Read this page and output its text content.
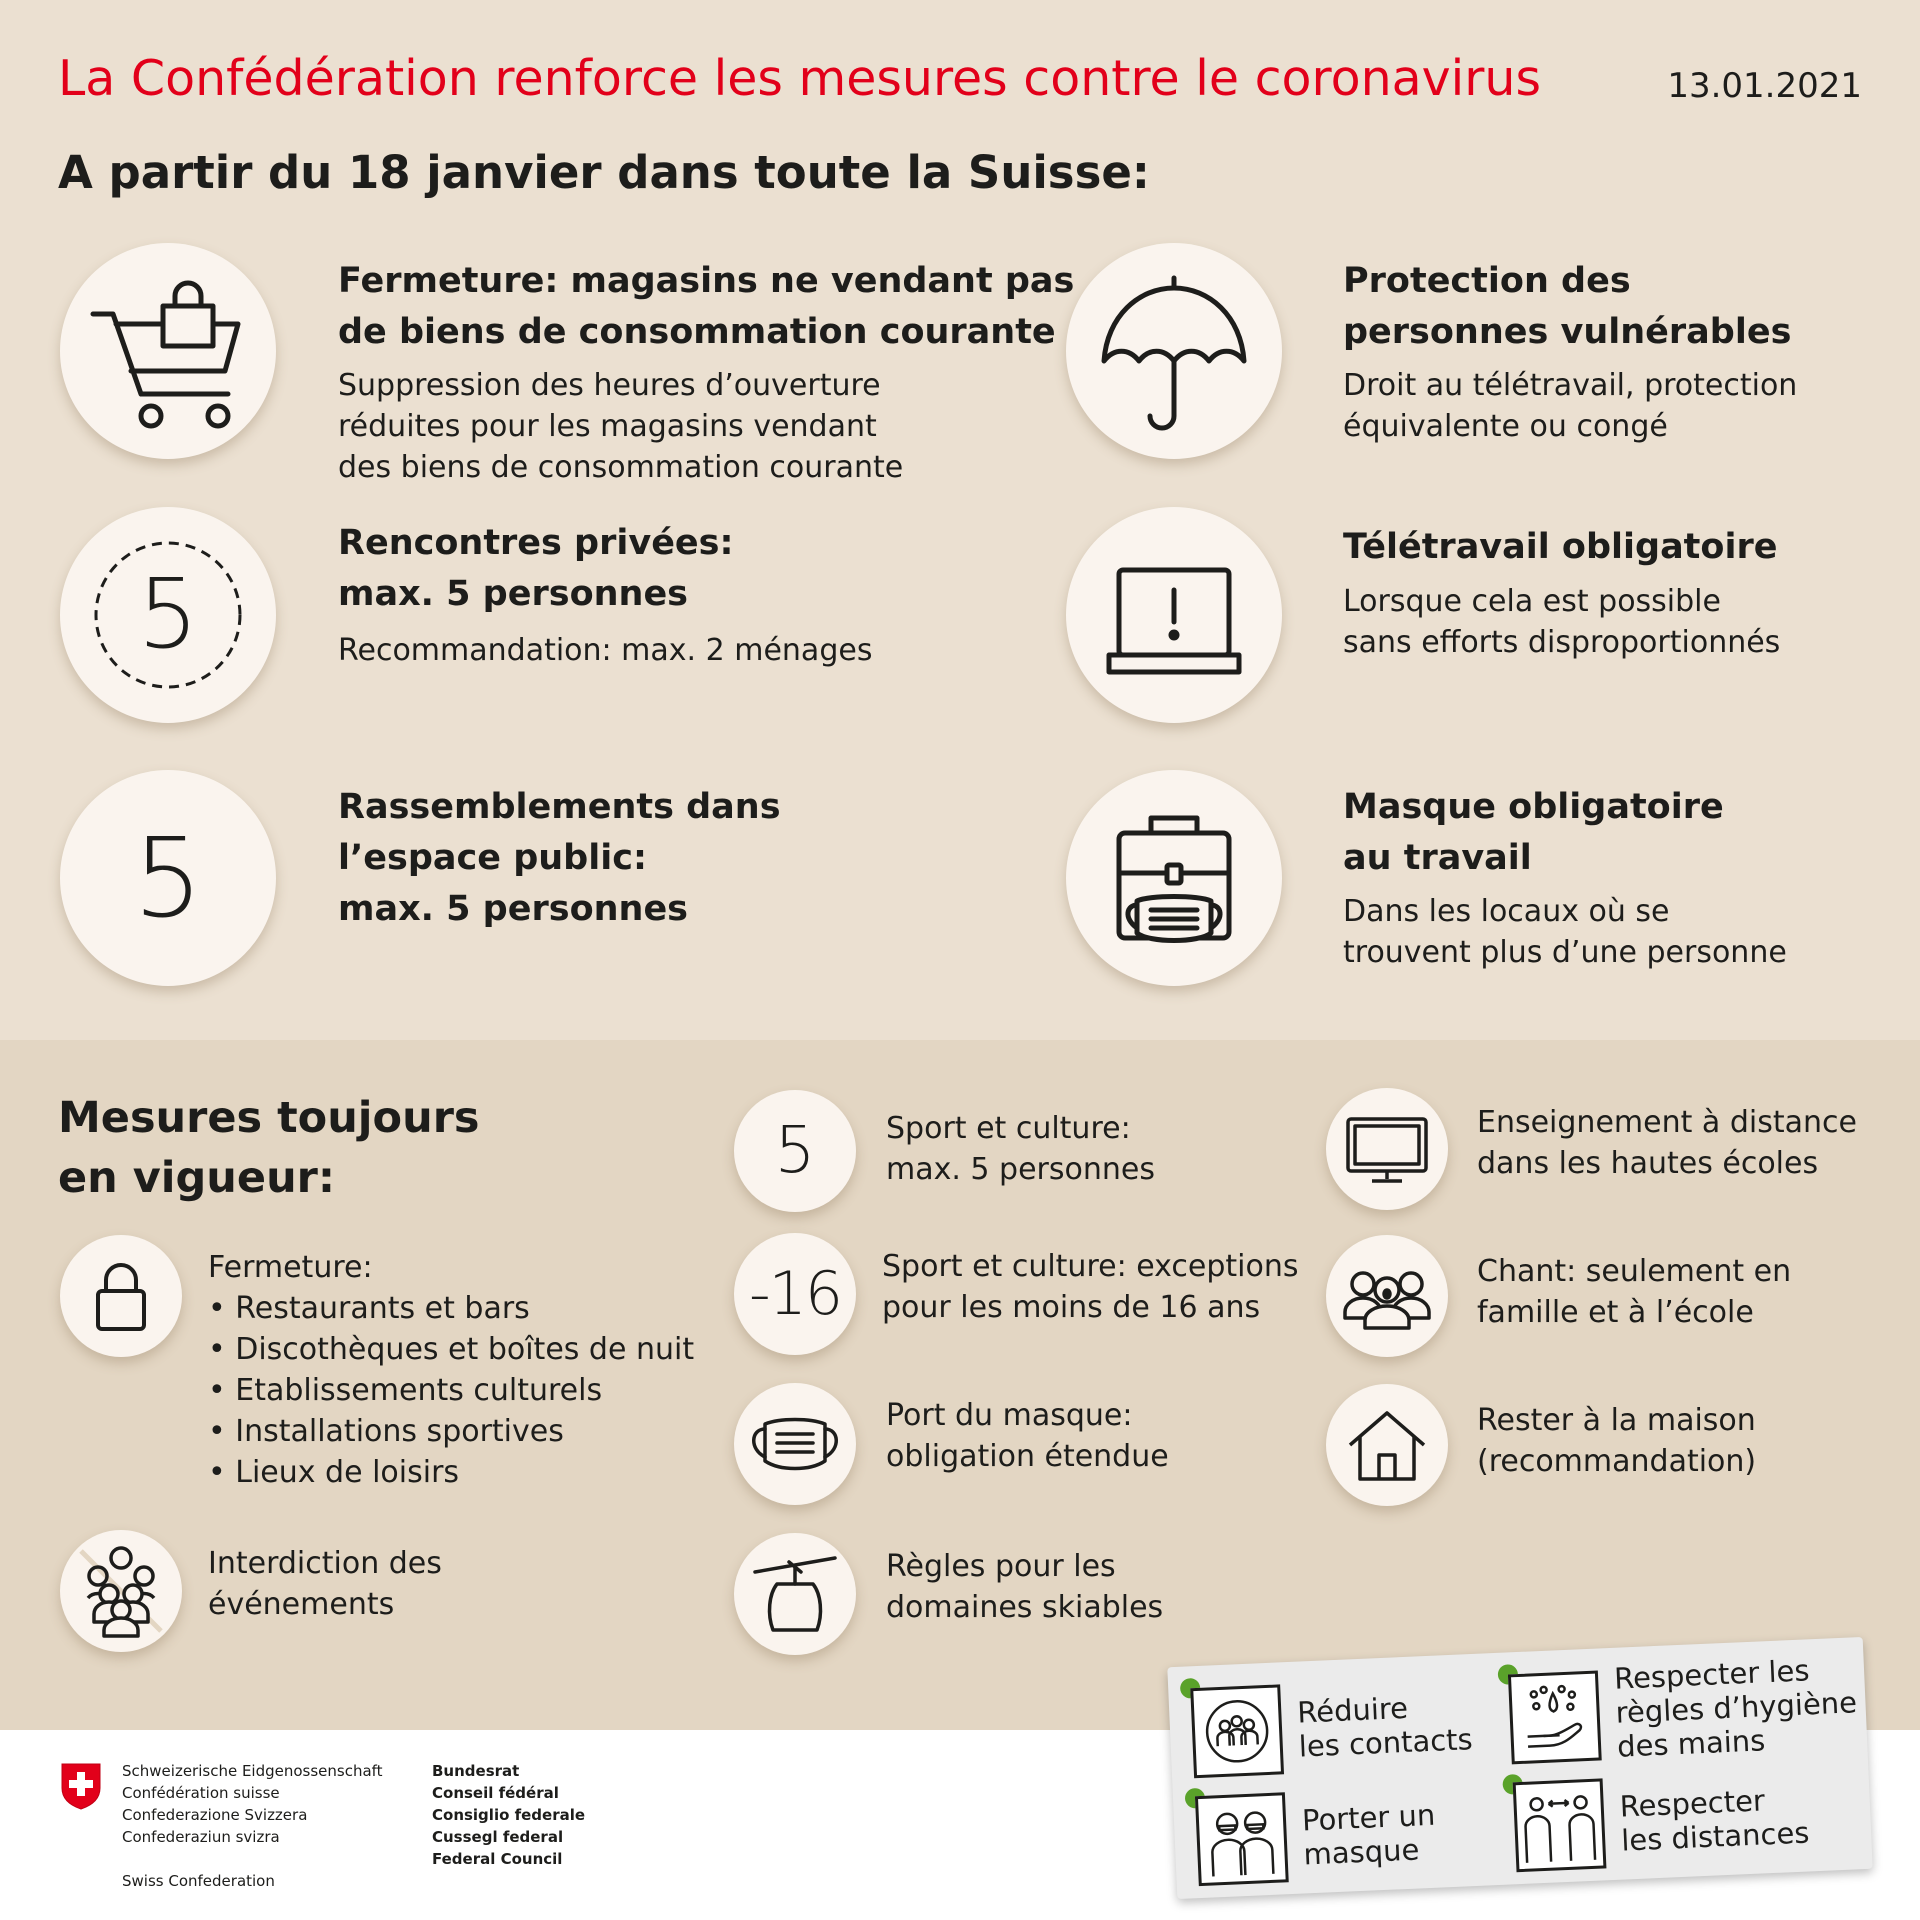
La Confédération renforce les mesures contre le coronavirus	13.01.2021
A partir du 18 janvier dans toute la Suisse:
Fermeture: magasins ne vendant pas
de biens de consommation courante
Suppression des heures d’ouverture
réduites pour les magasins vendant
des biens de consommation courante
5
Rencontres privées:
max. 5 personnes
Recommandation: max. 2 ménages
5
Rassemblements dans
l’espace public:
max. 5 personnes
Protection des
personnes vulnérables
Droit au télétravail, protection
équivalente ou congé
Télétravail obligatoire
Lorsque cela est possible
sans efforts disproportionnés
Masque obligatoire
au travail
Dans les locaux où se
trouvent plus d’une personne
Mesures toujours
en vigueur:
Fermeture:
• Restaurants et bars
• Discothèques et boîtes de nuit
• Etablissements culturels
• Installations sportives
• Lieux de loisirs
Interdiction des
événements
5 Sport et culture:
max. 5 personnes
-16 Sport et culture: exceptions
pour les moins de 16 ans
Port du masque:
obligation étendue
Règles pour les
domaines skiables
Enseignement à distance
dans les hautes écoles
Chant: seulement en
famille et à l’école
Rester à la maison
(recommandation)
Schweizerische Eidgenossenschaft
Confédération suisse
Confederazione Svizzera
Confederaziun svizra
Swiss Confederation
Bundesrat
Conseil fédéral
Consiglio federale
Cussegl federal
Federal Council
Réduire
les contacts
Respecter les
règles d’hygiène
des mains
Porter un
masque
Respecter
les distances
